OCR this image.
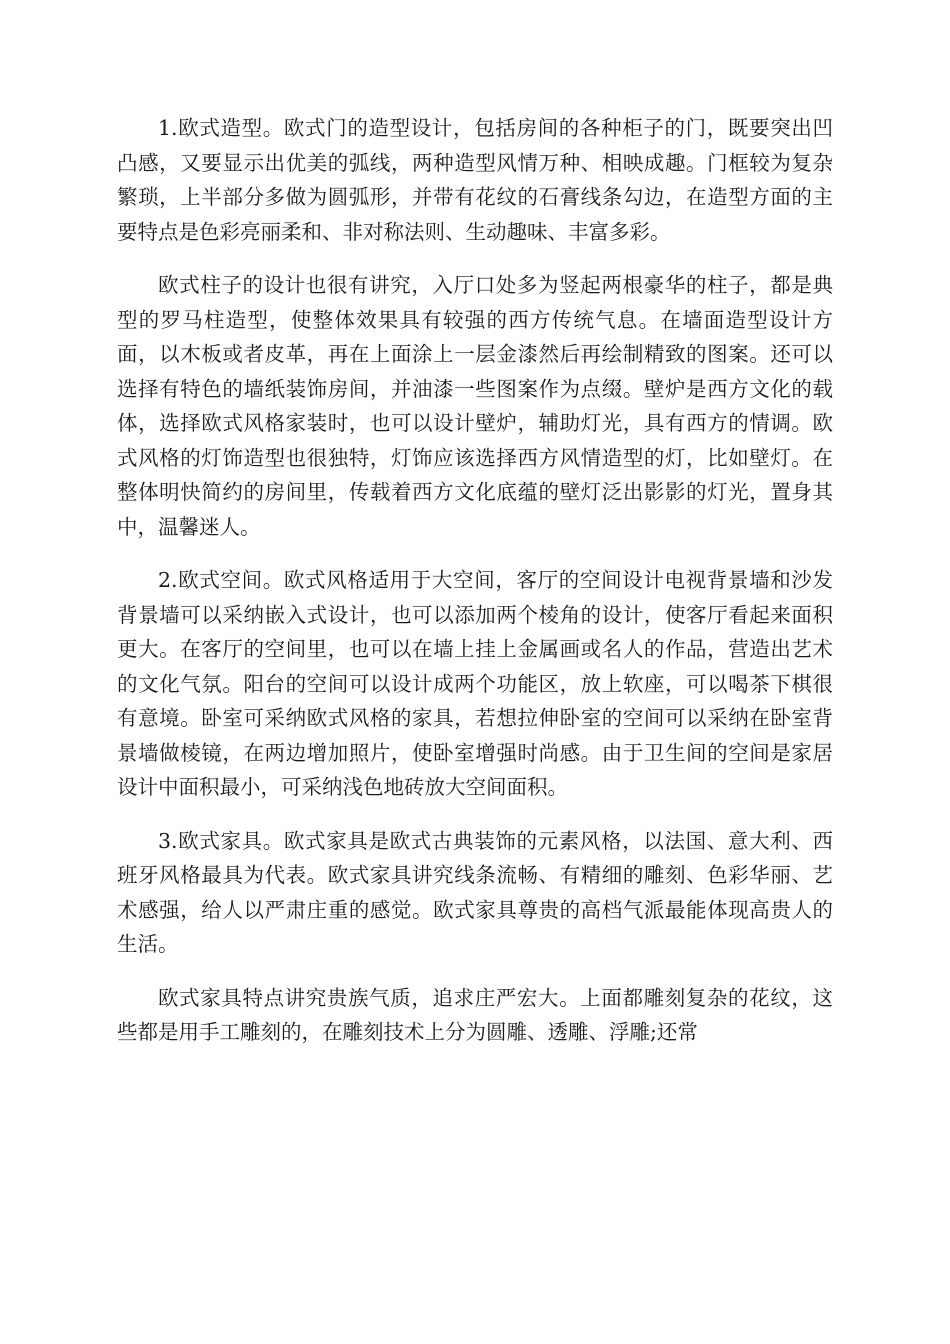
1.欧式造型。欧式门的造型设计，包括房间的各种柜子的门，既要突出凹凸感，又要显示出优美的弧线，两种造型风情万种、相映成趣。门框较为复杂繁琐，上半部分多做为圆弧形，并带有花纹的石膏线条勾边，在造型方面的主要特点是色彩亮丽柔和、非对称法则、生动趣味、丰富多彩。

欧式柱子的设计也很有讲究，入厅口处多为竖起两根豪华的柱子，都是典型的罗马柱造型，使整体效果具有较强的西方传统气息。在墙面造型设计方面，以木板或者皮革，再在上面涂上一层金漆然后再绘制精致的图案。还可以选择有特色的墙纸装饰房间，并油漆一些图案作为点缀。壁炉是西方文化的载体，选择欧式风格家装时，也可以设计壁炉，辅助灯光，具有西方的情调。欧式风格的灯饰造型也很独特，灯饰应该选择西方风情造型的灯，比如壁灯。在整体明快简约的房间里，传载着西方文化底蕴的壁灯泛出影影的灯光，置身其中，温馨迷人。

2.欧式空间。欧式风格适用于大空间，客厅的空间设计电视背景墙和沙发背景墙可以采纳嵌入式设计，也可以添加两个棱角的设计，使客厅看起来面积更大。在客厅的空间里，也可以在墙上挂上金属画或名人的作品，营造出艺术的文化气氛。阳台的空间可以设计成两个功能区，放上软座，可以喝茶下棋很有意境。卧室可采纳欧式风格的家具，若想拉伸卧室的空间可以采纳在卧室背景墙做棱镜，在两边增加照片，使卧室增强时尚感。由于卫生间的空间是家居设计中面积最小，可采纳浅色地砖放大空间面积。

3.欧式家具。欧式家具是欧式古典装饰的元素风格，以法国、意大利、西班牙风格最具为代表。欧式家具讲究线条流畅、有精细的雕刻、色彩华丽、艺术感强，给人以严肃庄重的感觉。欧式家具尊贵的高档气派最能体现高贵人的生活。

欧式家具特点讲究贵族气质，追求庄严宏大。上面都雕刻复杂的花纹，这些都是用手工雕刻的，在雕刻技术上分为圆雕、透雕、浮雕;还常
